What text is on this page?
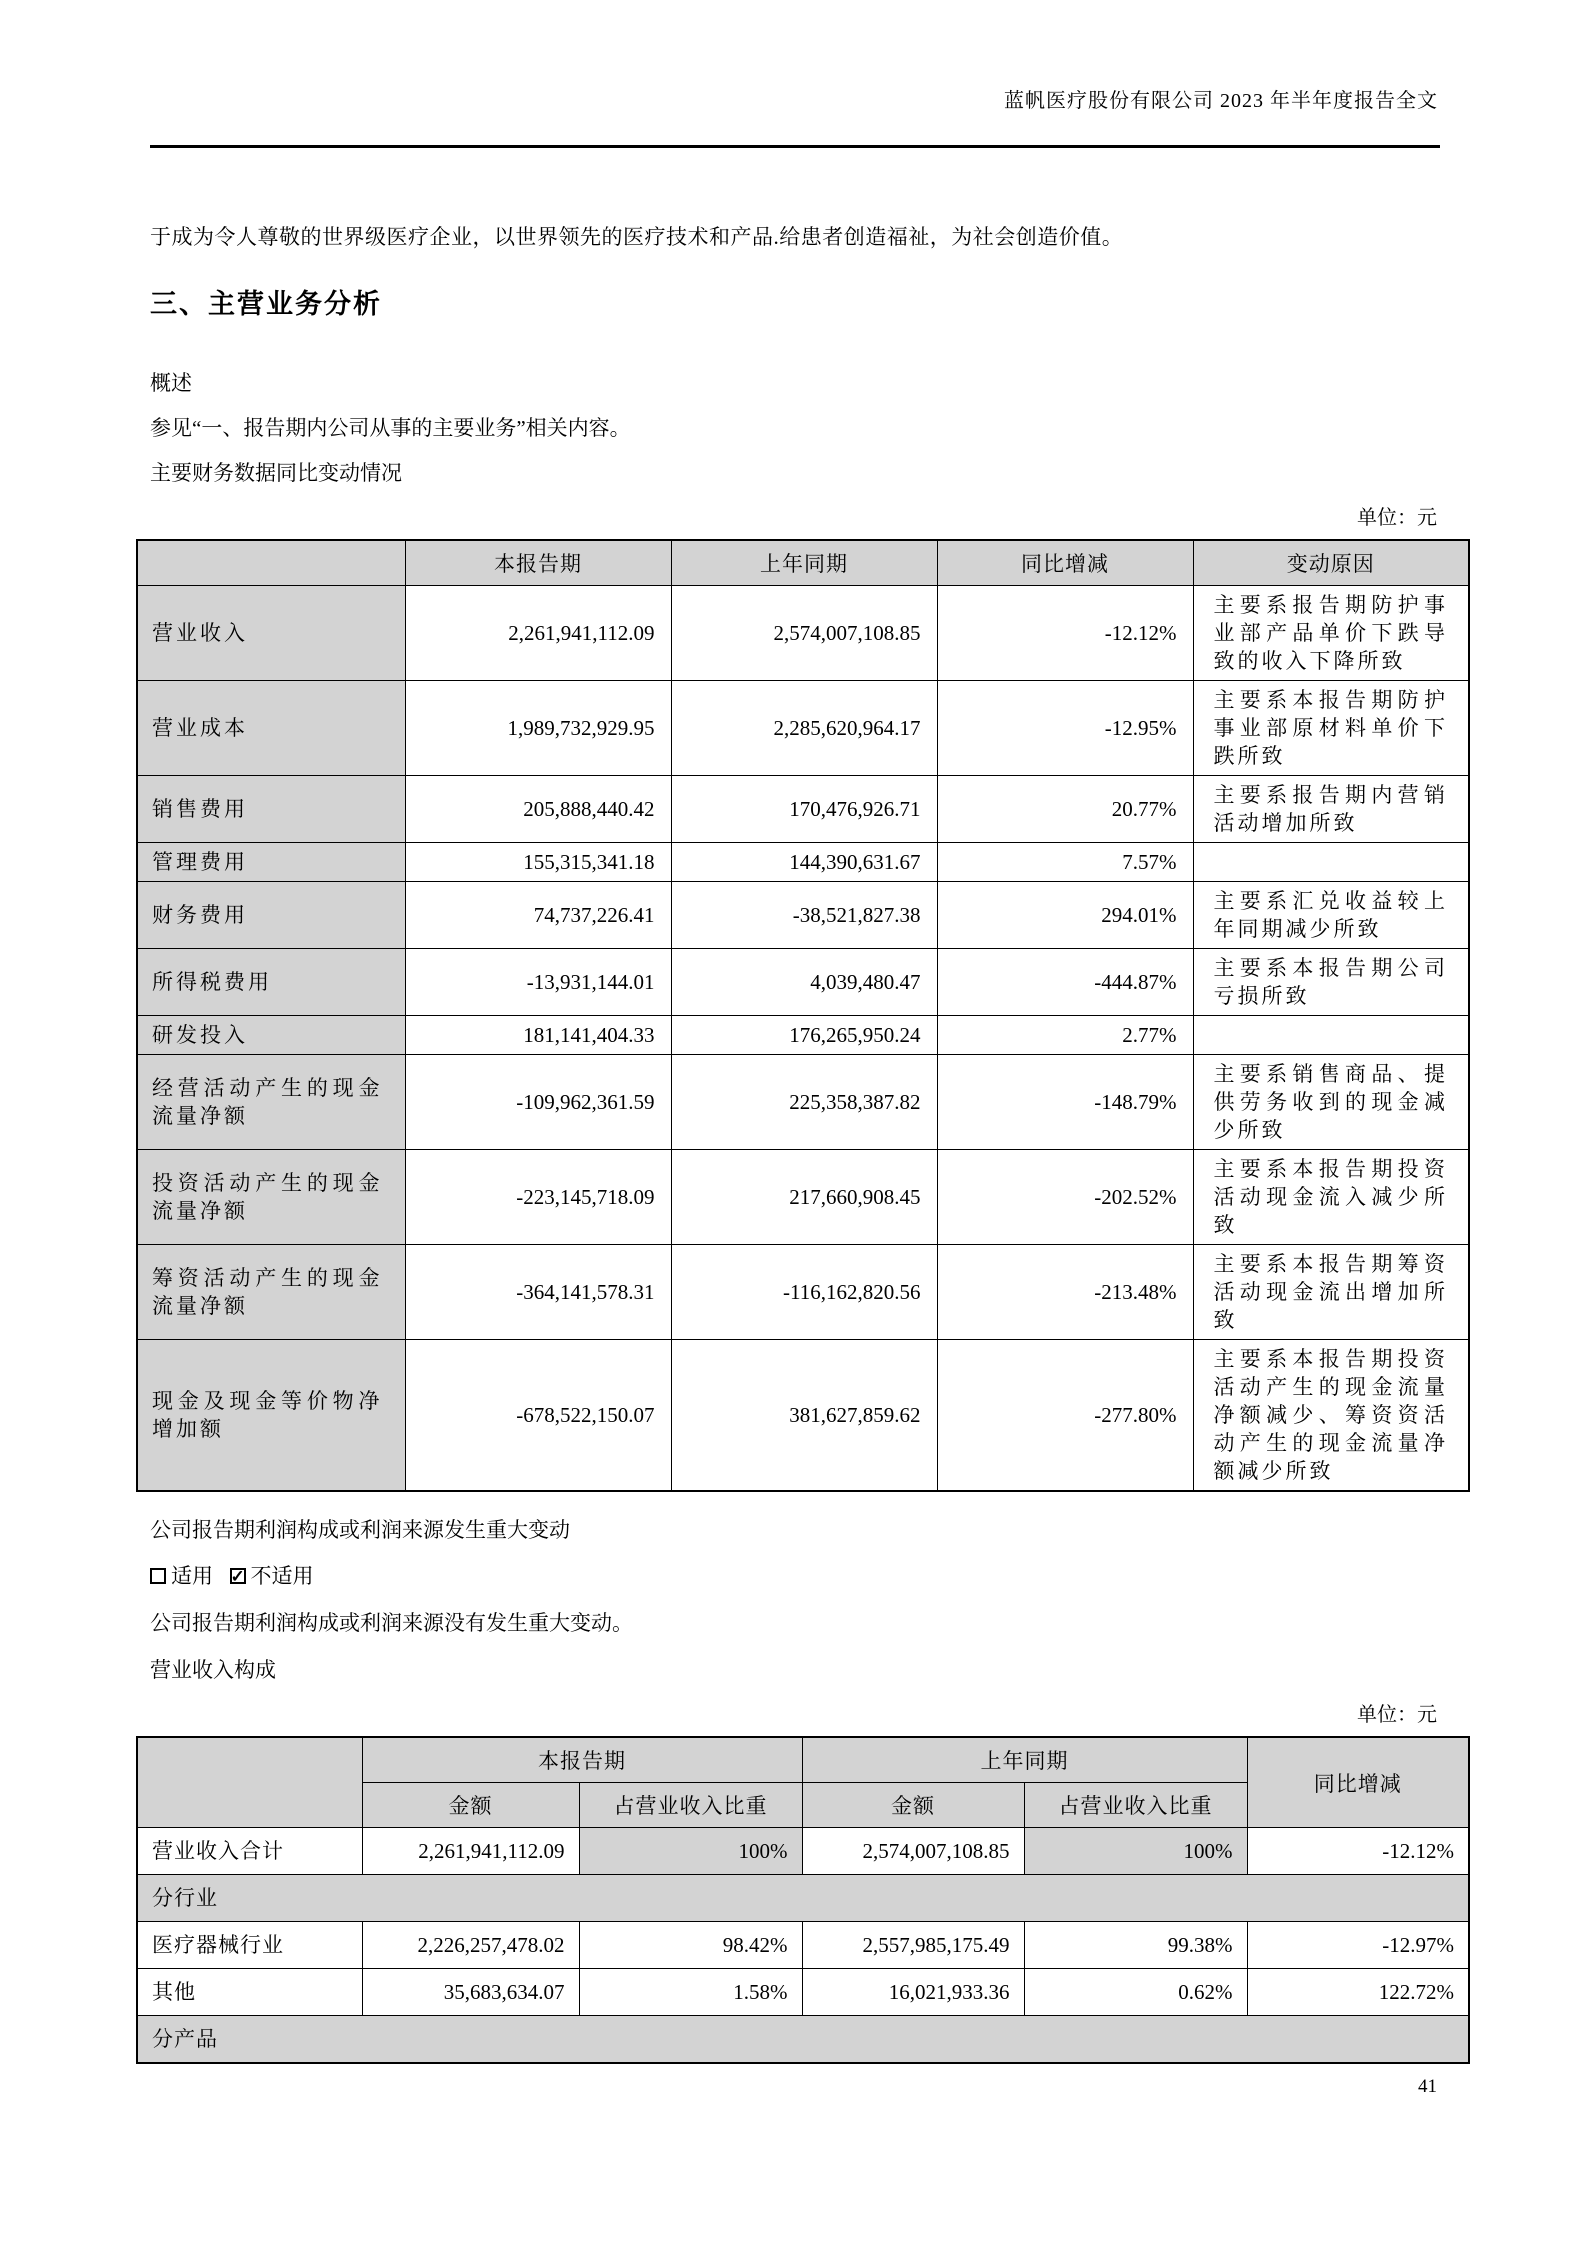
蓝帆医疗股份有限公司 2023 年半年度报告全文
于成为令人尊敬的世界级医疗企业，以世界领先的医疗技术和产品.给患者创造福祉，为社会创造价值。
三、主营业务分析
概述
参见“一、报告期内公司从事的主要业务”相关内容。
主要财务数据同比变动情况
单位：元
	本报告期	上年同期	同比增减	变动原因
营业收入	2,261,941,112.09	2,574,007,108.85	-12.12%	主要系报告期防护事业部产品单价下跌导致的收入下降所致
营业成本	1,989,732,929.95	2,285,620,964.17	-12.95%	主要系本报告期防护事业部原材料单价下跌所致
销售费用	205,888,440.42	170,476,926.71	20.77%	主要系报告期内营销活动增加所致
管理费用	155,315,341.18	144,390,631.67	7.57%	
财务费用	74,737,226.41	-38,521,827.38	294.01%	主要系汇兑收益较上年同期减少所致
所得税费用	-13,931,144.01	4,039,480.47	-444.87%	主要系本报告期公司亏损所致
研发投入	181,141,404.33	176,265,950.24	2.77%	
经营活动产生的现金流量净额	-109,962,361.59	225,358,387.82	-148.79%	主要系销售商品、提供劳务收到的现金减少所致
投资活动产生的现金流量净额	-223,145,718.09	217,660,908.45	-202.52%	主要系本报告期投资活动现金流入减少所致
筹资活动产生的现金流量净额	-364,141,578.31	-116,162,820.56	-213.48%	主要系本报告期筹资活动现金流出增加所致
现金及现金等价物净增加额	-678,522,150.07	381,627,859.62	-277.80%	主要系本报告期投资活动产生的现金流量净额减少、筹资资活动产生的现金流量净额减少所致
公司报告期利润构成或利润来源发生重大变动
适用 ✓ 不适用
公司报告期利润构成或利润来源没有发生重大变动。
营业收入构成
单位：元
	本报告期		上年同期		同比增减
	金额	占营业收入比重	金额	占营业收入比重	
营业收入合计	2,261,941,112.09	100%	2,574,007,108.85	100%	-12.12%
分行业					
医疗器械行业	2,226,257,478.02	98.42%	2,557,985,175.49	99.38%	-12.97%
其他	35,683,634.07	1.58%	16,021,933.36	0.62%	122.72%
分产品					
41
